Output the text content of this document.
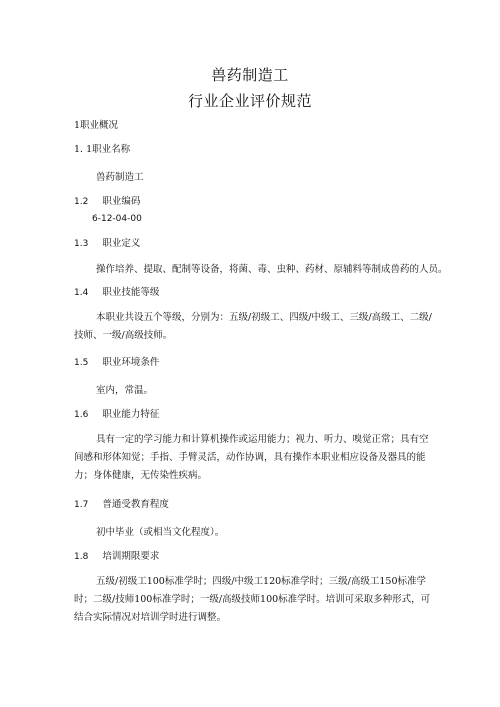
兽药制造工
行业企业评价规范
1职业概况
1. 1职业名称
兽药制造工
1.2 职业编码
6-12-04-00
1.3 职业定义
操作培养、提取、配制等设备，将菌、毒、虫种、药材、原辅料等制成兽药的人员。
1.4 职业技能等级
本职业共设五个等级，分别为：五级/初级工、四级/中级工、三级/高级工、二级/技师、一级/高级技师。
1.5 职业环境条件
室内，常温。
1.6 职业能力特征
具有一定的学习能力和计算机操作或运用能力；视力、听力、嗅觉正常；具有空间感和形体知觉；手指、手臂灵活，动作协调，具有操作本职业相应设备及器具的能力；身体健康，无传染性疾病。
1.7 普通受教育程度
初中毕业（或相当文化程度）。
1.8 培训期限要求
五级/初级工100标准学时；四级/中级工120标准学时；三级/高级工150标准学时；二级/技师100标准学时；一级/高级技师100标准学时。培训可采取多种形式，可结合实际情况对培训学时进行调整。
